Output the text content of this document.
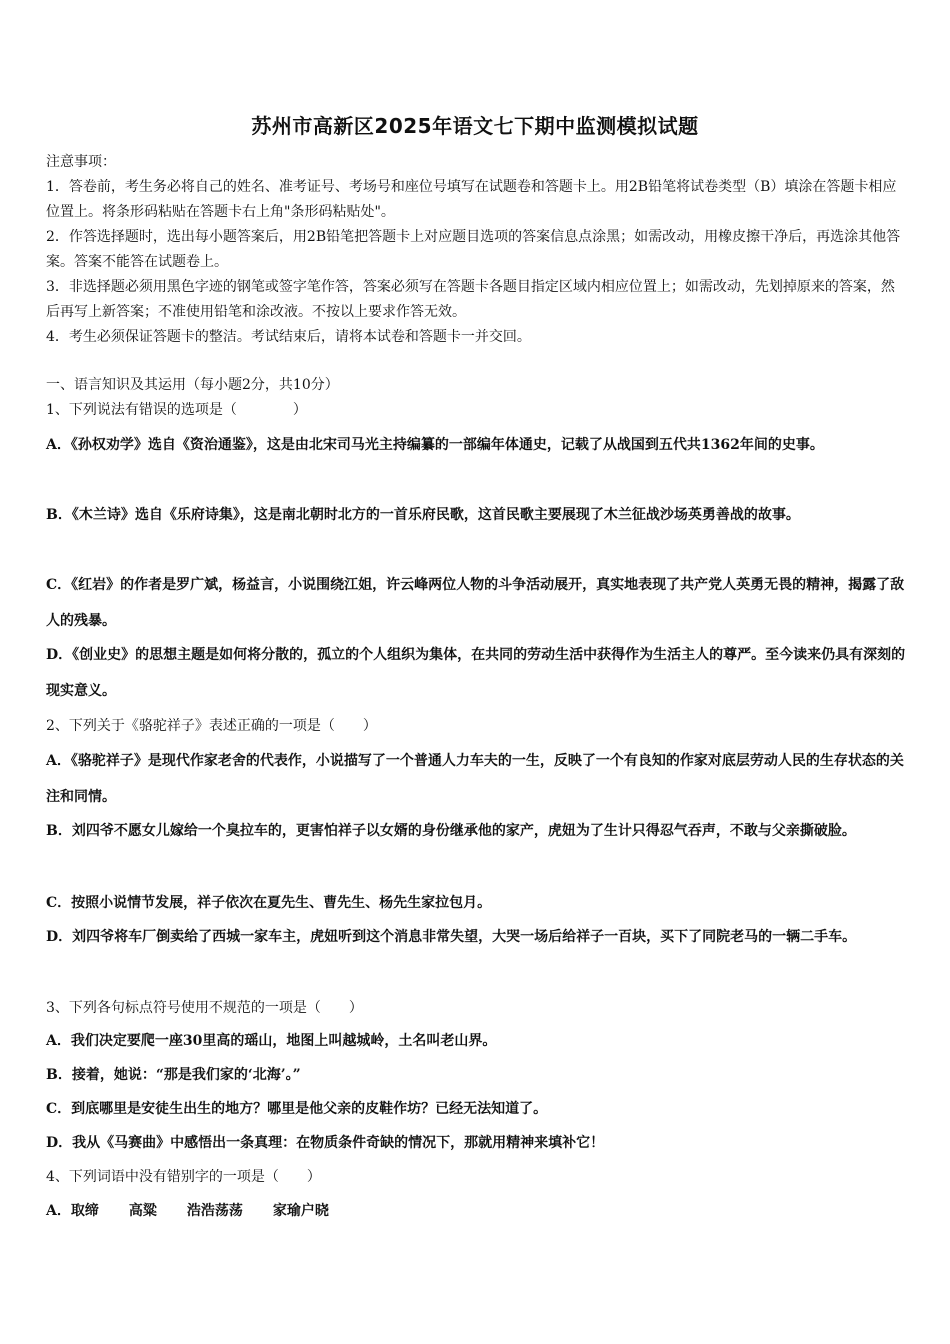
苏州市高新区2025年语文七下期中监测模拟试题

注意事项：

1．答卷前，考生务必将自己的姓名、准考证号、考场号和座位号填写在试题卷和答题卡上。用2B铅笔将试卷类型（B）填涂在答题卡相应位置上。将条形码粘贴在答题卡右上角"条形码粘贴处"。

2．作答选择题时，选出每小题答案后，用2B铅笔把答题卡上对应题目选项的答案信息点涂黑；如需改动，用橡皮擦干净后，再选涂其他答案。答案不能答在试题卷上。

3．非选择题必须用黑色字迹的钢笔或签字笔作答，答案必须写在答题卡各题目指定区域内相应位置上；如需改动，先划掉原来的答案，然后再写上新答案；不准使用铅笔和涂改液。不按以上要求作答无效。

4．考生必须保证答题卡的整洁。考试结束后，请将本试卷和答题卡一并交回。

一、语言知识及其运用（每小题2分，共10分）
1、下列说法有错误的选项是（　　　　）

A．《孙权劝学》选自《资治通鉴》，这是由北宋司马光主持编纂的一部编年体通史，记载了从战国到五代共1362年间的史事。

B．《木兰诗》选自《乐府诗集》，这是南北朝时北方的一首乐府民歌，这首民歌主要展现了木兰征战沙场英勇善战的故事。

C．《红岩》的作者是罗广斌，杨益言，小说围绕江姐，许云峰两位人物的斗争活动展开，真实地表现了共产党人英勇无畏的精神，揭露了敌人的残暴。

D．《创业史》的思想主题是如何将分散的，孤立的个人组织为集体，在共同的劳动生活中获得作为生活主人的尊严。至今读来仍具有深刻的现实意义。

2、下列关于《骆驼祥子》表述正确的一项是（　　）

A．《骆驼祥子》是现代作家老舍的代表作，小说描写了一个普通人力车夫的一生，反映了一个有良知的作家对底层劳动人民的生存状态的关注和同情。

B．刘四爷不愿女儿嫁给一个臭拉车的，更害怕祥子以女婿的身份继承他的家产，虎妞为了生计只得忍气吞声，不敢与父亲撕破脸。

C．按照小说情节发展，祥子依次在夏先生、曹先生、杨先生家拉包月。

D．刘四爷将车厂倒卖给了西城一家车主，虎妞听到这个消息非常失望，大哭一场后给祥子一百块，买下了同院老马的一辆二手车。

3、下列各句标点符号使用不规范的一项是（　　）
A．我们决定要爬一座30里高的瑶山，地图上叫越城岭，土名叫老山界。
B．接着，她说：“那是我们家的‘北海’。”
C．到底哪里是安徒生出生的地方？哪里是他父亲的皮鞋作坊？已经无法知道了。
D．我从《马赛曲》中感悟出一条真理：在物质条件奇缺的情况下，那就用精神来填补它！
4、下列词语中没有错别字的一项是（　　）
A．取缔 高粱 浩浩荡荡 家瑜户晓
